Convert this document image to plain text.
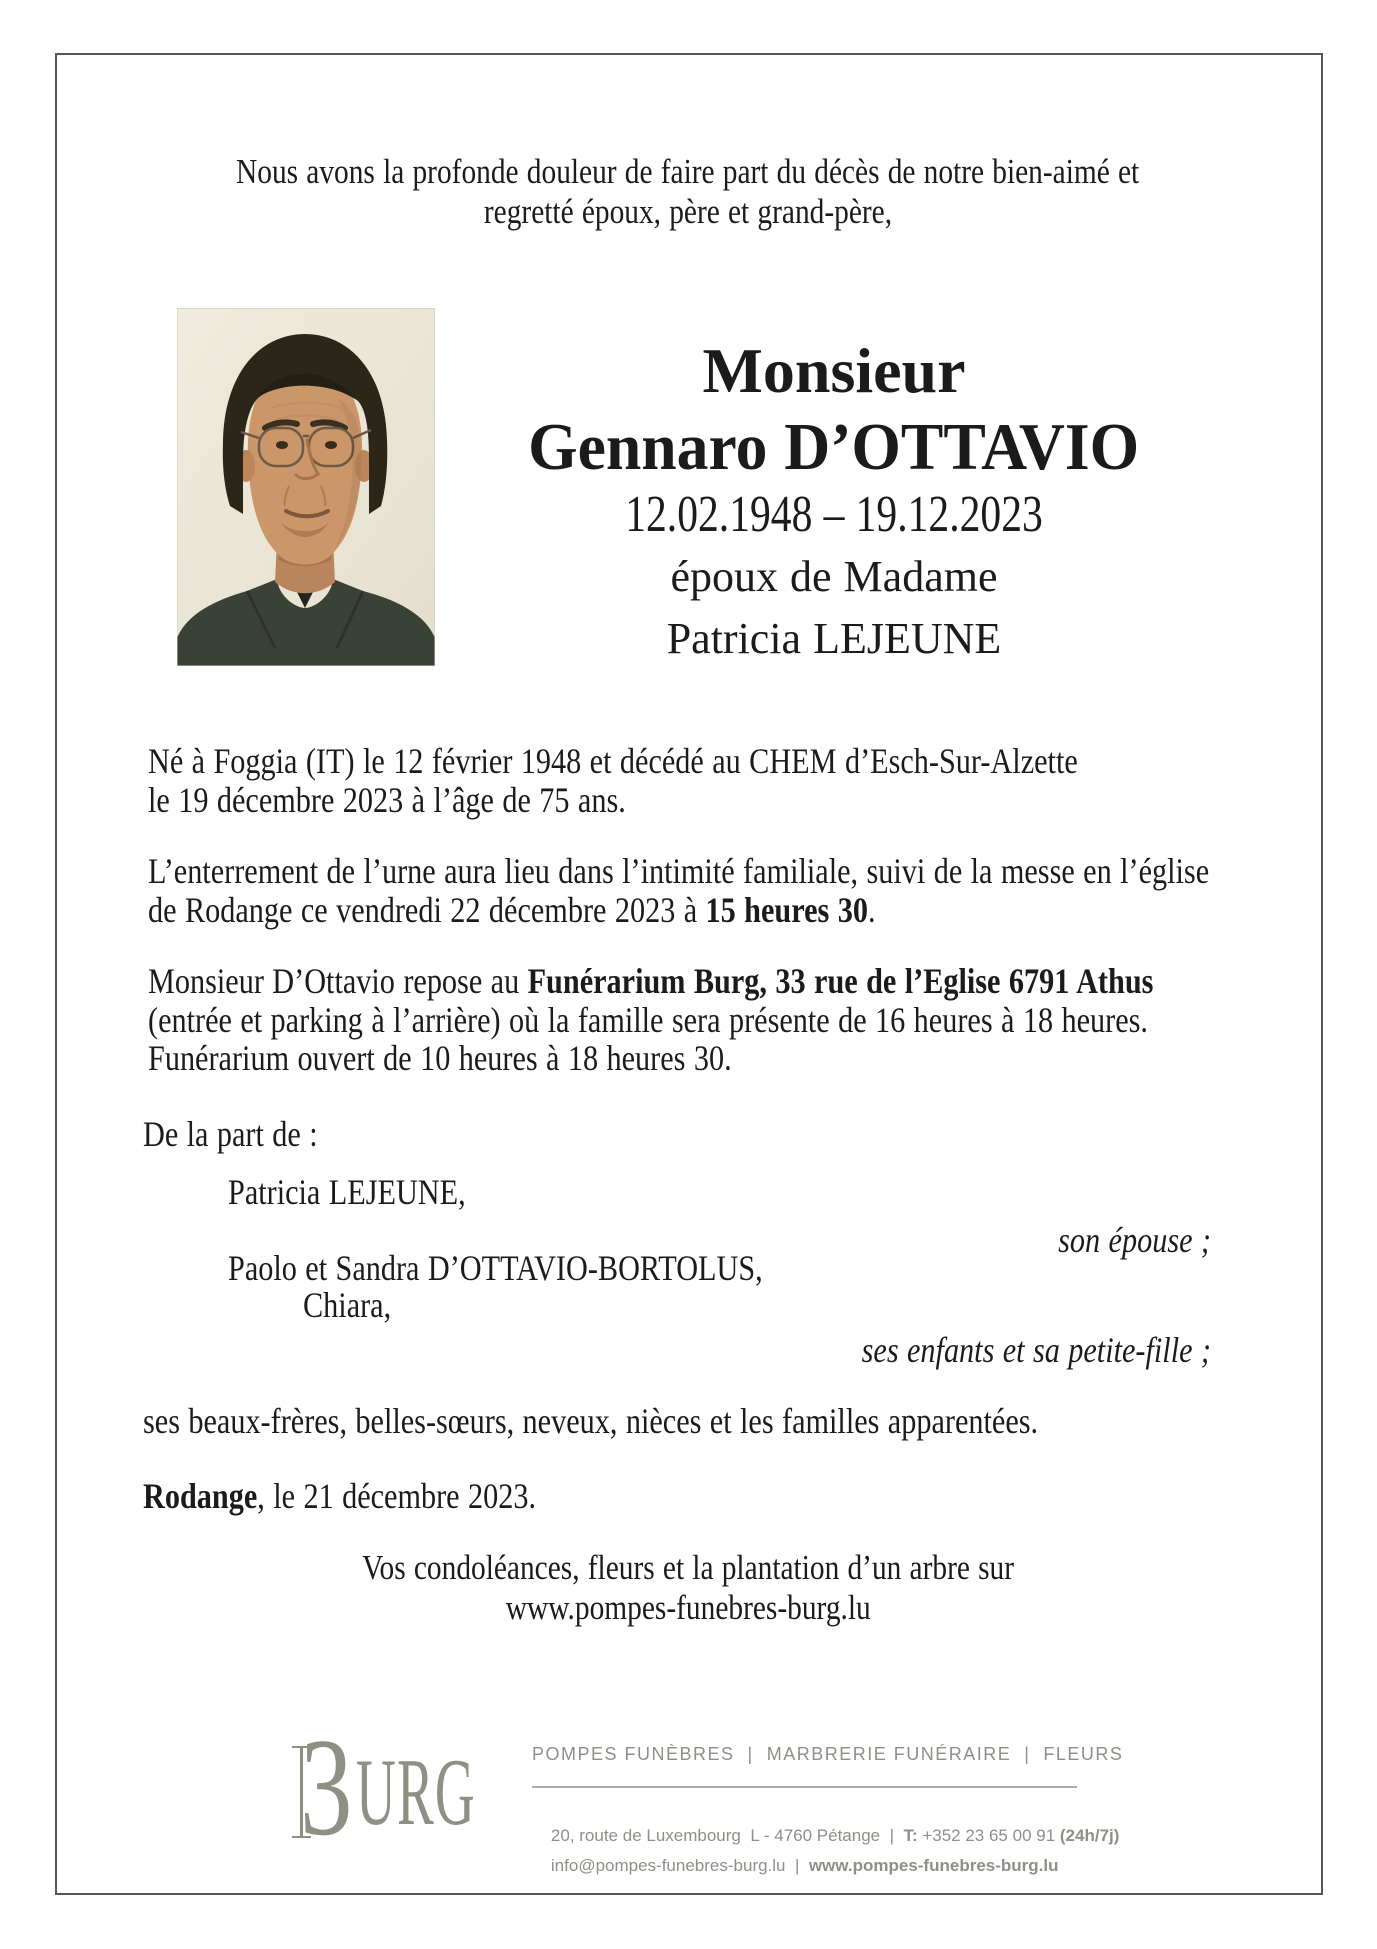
Nous avons la profonde douleur de faire part du décès de notre bien-aimé et
regretté époux, père et grand-père,
Monsieur
Gennaro D’OTTAVIO
12.02.1948 – 19.12.2023
époux de Madame
Patricia LEJEUNE
Né à Foggia (IT) le 12 février 1948 et décédé au CHEM d’Esch-Sur-Alzette
le 19 décembre 2023 à l’âge de 75 ans.
L’enterrement de l’urne aura lieu dans l’intimité familiale, suivi de la messe en l’église
de Rodange ce vendredi 22 décembre 2023 à 15 heures 30.
Monsieur D’Ottavio repose au Funérarium Burg, 33 rue de l’Eglise 6791 Athus
(entrée et parking à l’arrière) où la famille sera présente de 16 heures à 18 heures.
Funérarium ouvert de 10 heures à 18 heures 30.
De la part de :
Patricia LEJEUNE,
son épouse ;
Paolo et Sandra D’OTTAVIO-BORTOLUS,
Chiara,
ses enfants et sa petite-fille ;
ses beaux-frères, belles-sœurs, neveux, nièces et les familles apparentées.
Rodange, le 21 décembre 2023.
Vos condoléances, fleurs et la plantation d’un arbre sur
www.pompes-funebres-burg.lu
3 URG	POMPES FUNÈBRES  |  MARBRERIE FUNÉRAIRE  |  FLEURS

20, route de Luxembourg  L - 4760 Pétange  |  T: +352 23 65 00 91 (24h/7j)

info@pompes-funebres-burg.lu  |  www.pompes-funebres-burg.lu
